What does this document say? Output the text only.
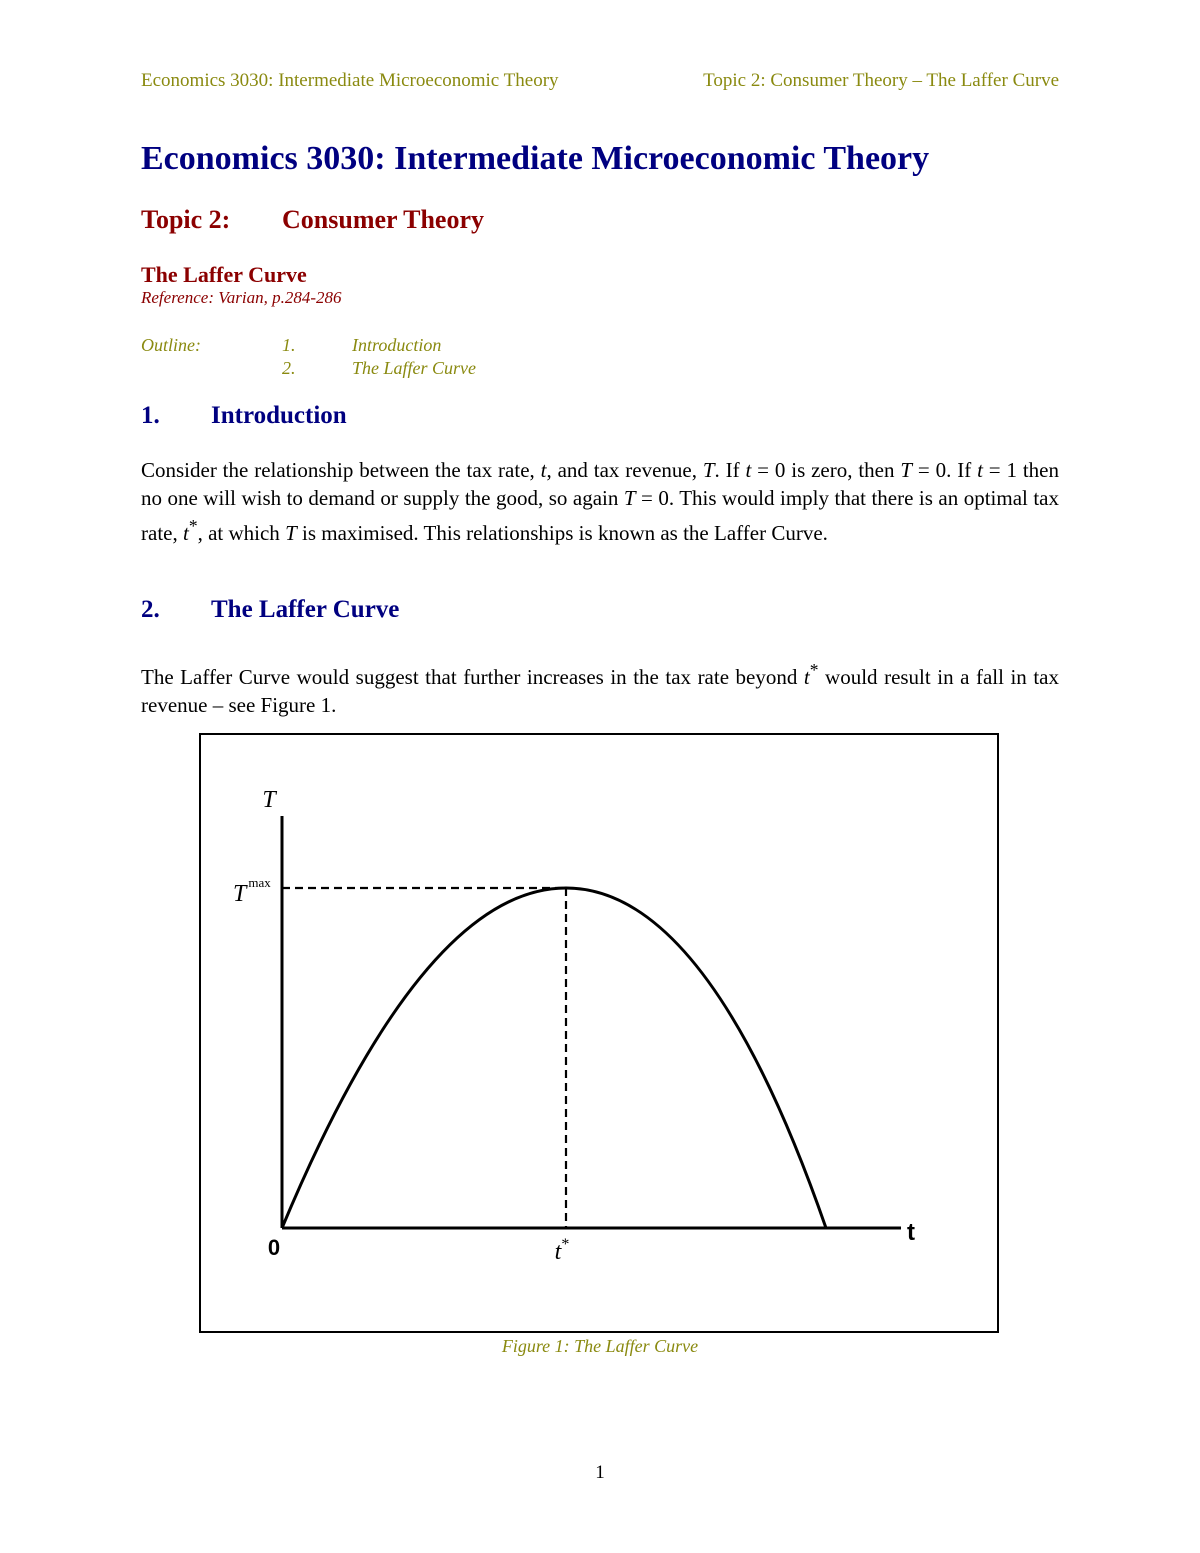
Economics 3030: Intermediate Microeconomic Theory	Topic 2: Consumer Theory – The Laffer Curve
Economics 3030: Intermediate Microeconomic Theory
Topic 2: Consumer Theory
The Laffer Curve
Reference: Varian, p.284-286
Outline:	1.	Introduction
2.	The Laffer Curve
1. Introduction

Consider the relationship between the tax rate, t, and tax revenue, T. If t = 0 is zero, then T = 0. If t = 1 then no one will wish to demand or supply the good, so again T = 0. This would imply that there is an optimal tax rate, t*, at which T is maximised. This relationships is known as the Laffer Curve.

2. The Laffer Curve

The Laffer Curve would suggest that further increases in the tax rate beyond t* would result in a fall in tax revenue – see Figure 1.

T
t
0
T $^{max}$
t*
Figure 1: The Laffer Curve
1
